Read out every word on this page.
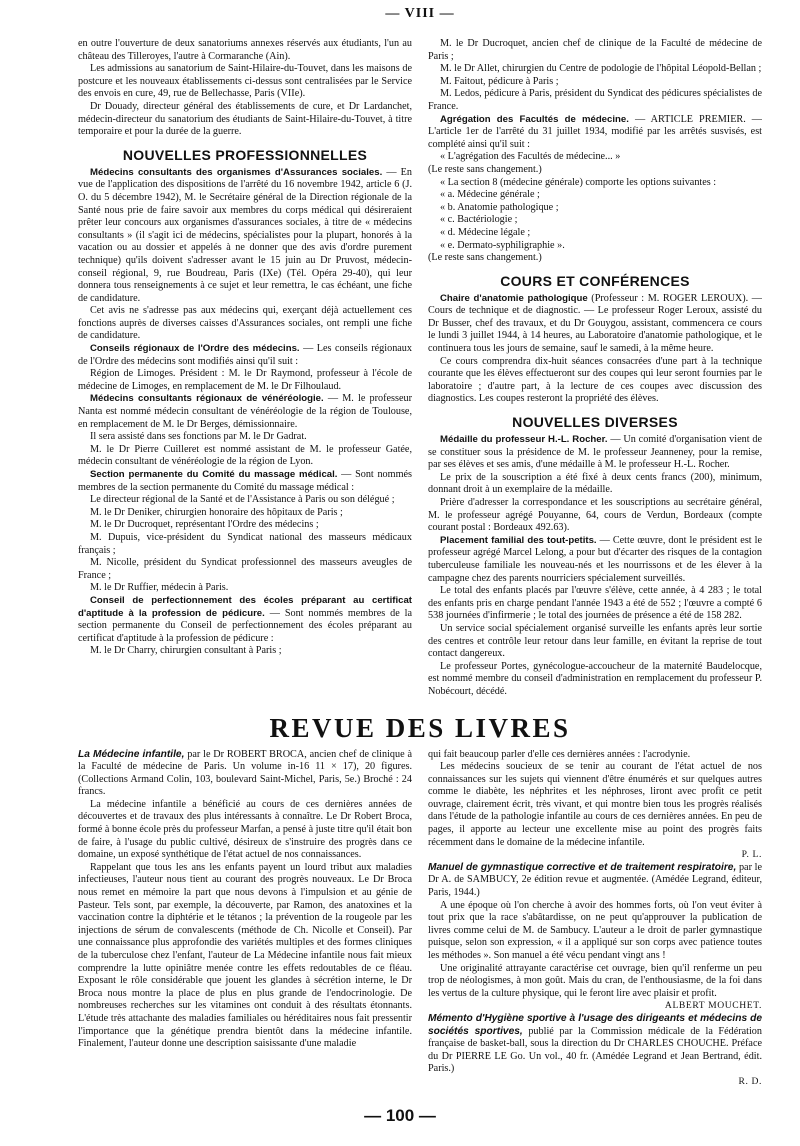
— VIII —

en outre l'ouverture de deux sanatoriums annexes réservés aux étudiants, l'un au château des Tilleroyes, l'autre à Cormaranche (Ain).

Les admissions au sanatorium de Saint-Hilaire-du-Touvet, dans les maisons de postcure et les nouveaux établissements ci-dessus sont centralisées par le Service des envois en cure, 49, rue de Bellechasse, Paris (VIIe).

Dr Douady, directeur général des établissements de cure, et Dr Lardanchet, médecin-directeur du sanatorium des étudiants de Saint-Hilaire-du-Touvet, à titre temporaire et pour la durée de la guerre.

NOUVELLES PROFESSIONNELLES

Médecins consultants des organismes d'Assurances sociales. — En vue de l'application des dispositions de l'arrêté du 16 novembre 1942, article 6 (J. O. du 5 décembre 1942), M. le Secrétaire général de la Direction régionale de la Santé nous prie de faire savoir aux membres du corps médical qui désireraient prêter leur concours aux organismes d'assurances sociales, à titre de « médecins consultants » (il s'agit ici de médecins, spécialistes pour la plupart, honorés à la vacation ou au dossier et appelés à ne donner que des avis d'ordre purement technique) qu'ils doivent s'adresser avant le 15 juin au Dr Pruvost, médecin-conseil régional, 9, rue Boudreau, Paris (IXe) (Tél. Opéra 29-40), qui leur donnera tous renseignements à ce sujet et leur remettra, le cas échéant, une fiche de candidature.

Cet avis ne s'adresse pas aux médecins qui, exerçant déjà actuellement ces fonctions auprès de diverses caisses d'Assurances sociales, ont rempli une fiche de candidature.

Conseils régionaux de l'Ordre des médecins. — Les conseils régionaux de l'Ordre des médecins sont modifiés ainsi qu'il suit :

Région de Limoges. Président : M. le Dr Raymond, professeur à l'école de médecine de Limoges, en remplacement de M. le Dr Filhoulaud.

Médecins consultants régionaux de vénéréologie. — M. le professeur Nanta est nommé médecin consultant de vénéréologie de la région de Toulouse, en remplacement de M. le Dr Berges, démissionnaire.

Il sera assisté dans ses fonctions par M. le Dr Gadrat.

M. le Dr Pierre Cuilleret est nommé assistant de M. le professeur Gatée, médecin consultant de vénéréologie de la région de Lyon.

Section permanente du Comité du massage médical. — Sont nommés membres de la section permanente du Comité du massage médical :

Le directeur régional de la Santé et de l'Assistance à Paris ou son délégué ;

M. le Dr Deniker, chirurgien honoraire des hôpitaux de Paris ;

M. le Dr Ducroquet, représentant l'Ordre des médecins ;

M. Dupuis, vice-président du Syndicat national des masseurs médicaux français ;

M. Nicolle, président du Syndicat professionnel des masseurs aveugles de France ;

M. le Dr Ruffier, médecin à Paris.

Conseil de perfectionnement des écoles préparant au certificat d'aptitude à la profession de pédicure. — Sont nommés membres de la section permanente du Conseil de perfectionnement des écoles préparant au certificat d'aptitude à la profession de pédicure :

M. le Dr Charry, chirurgien consultant à Paris ;

M. le Dr Ducroquet, ancien chef de clinique de la Faculté de médecine de Paris ;

M. le Dr Allet, chirurgien du Centre de podologie de l'hôpital Léopold-Bellan ;

M. Faitout, pédicure à Paris ;

M. Ledos, pédicure à Paris, président du Syndicat des pédicures spécialistes de France.

Agrégation des Facultés de médecine. — ARTICLE PREMIER. — L'article 1er de l'arrêté du 31 juillet 1934, modifié par les arrêtés susvisés, est complété ainsi qu'il suit :

« L'agrégation des Facultés de médecine... »

(Le reste sans changement.)

« La section 8 (médecine générale) comporte les options suivantes :

« a. Médecine générale ;

« b. Anatomie pathologique ;

« c. Bactériologie ;

« d. Médecine légale ;

« e. Dermato-syphiligraphie ».

(Le reste sans changement.)

COURS ET CONFÉRENCES

Chaire d'anatomie pathologique (Professeur : M. ROGER LEROUX). — Cours de technique et de diagnostic. — Le professeur Roger Leroux, assisté du Dr Busser, chef des travaux, et du Dr Gouygou, assistant, commencera ce cours le lundi 3 juillet 1944, à 14 heures, au Laboratoire d'anatomie pathologique, et le continuera tous les jours de semaine, sauf le samedi, à la même heure.

Ce cours comprendra dix-huit séances consacrées d'une part à la technique courante que les élèves effectueront sur des coupes qui leur seront fournies par le laboratoire ; d'autre part, à la lecture de ces coupes avec discussion des diagnostics. Les coupes resteront la propriété des élèves.

NOUVELLES DIVERSES

Médaille du professeur H.-L. Rocher. — Un comité d'organisation vient de se constituer sous la présidence de M. le professeur Jeanneney, pour la remise, par ses élèves et ses amis, d'une médaille à M. le professeur H.-L. Rocher.

Le prix de la souscription a été fixé à deux cents francs (200), minimum, donnant droit à un exemplaire de la médaille.

Prière d'adresser la correspondance et les souscriptions au secrétaire général, M. le professeur agrégé Pouyanne, 64, cours de Verdun, Bordeaux (compte courant postal : Bordeaux 492.63).

Placement familial des tout-petits. — Cette œuvre, dont le président est le professeur agrégé Marcel Lelong, a pour but d'écarter des risques de la contagion tuberculeuse familiale les nouveau-nés et les nourrissons et de les élever à la campagne chez des parents nourriciers spécialement surveillés.

Le total des enfants placés par l'œuvre s'élève, cette année, à 4 283 ; le total des enfants pris en charge pendant l'année 1943 a été de 552 ; l'œuvre a compté 6 538 journées d'infirmerie ; le total des journées de présence a été de 158 282.

Un service social spécialement organisé surveille les enfants après leur sortie des centres et contrôle leur retour dans leur famille, en évitant la reprise de tout contact dangereux.

Le professeur Portes, gynécologue-accoucheur de la maternité Baudelocque, est nommé membre du conseil d'administration en remplacement du professeur P. Nobécourt, décédé.

REVUE DES LIVRES

La Médecine infantile, par le Dr ROBERT BROCA, ancien chef de clinique à la Faculté de médecine de Paris. Un volume in-16 11 × 17), 20 figures. (Collections Armand Colin, 103, boulevard Saint-Michel, Paris, 5e.) Broché : 24 francs.

La médecine infantile a bénéficié au cours de ces dernières années de découvertes et de travaux des plus intéressants à connaître. Le Dr Robert Broca, formé à bonne école près du professeur Marfan, a pensé à juste titre qu'il était bon de faire, à l'usage du public cultivé, désireux de s'instruire des progrès dans ce domaine, un exposé synthétique de l'état actuel de nos connaissances.

Rappelant que tous les ans les enfants payent un lourd tribut aux maladies infectieuses, l'auteur nous tient au courant des progrès nouveaux. Le Dr Broca nous remet en mémoire la part que nous devons à l'impulsion et au génie de Pasteur. Tels sont, par exemple, la découverte, par Ramon, des anatoxines et la vaccination contre la diphtérie et le tétanos ; la prévention de la rougeole par les injections de sérum de convalescents (méthode de Ch. Nicolle et Conseil). Par une connaissance plus approfondie des variétés multiples et des formes cliniques de la tuberculose chez l'enfant, l'auteur de La Médecine infantile nous fait mieux comprendre la lutte opiniâtre menée contre les effets redoutables de ce fléau. Exposant le rôle considérable que jouent les glandes à sécrétion interne, le Dr Broca nous montre la place de plus en plus grande de l'endocrinologie. De nombreuses recherches sur les vitamines ont conduit à des résultats étonnants. L'étude très attachante des maladies familiales ou héréditaires nous fait pressentir l'importance que la génétique prendra bientôt dans la médecine infantile. Finalement, l'auteur donne une description saisissante d'une maladie

qui fait beaucoup parler d'elle ces dernières années : l'acrodynie.

Les médecins soucieux de se tenir au courant de l'état actuel de nos connaissances sur les sujets qui viennent d'être énumérés et sur quelques autres comme le diabète, les néphrites et les néphroses, liront avec profit ce petit ouvrage, clairement écrit, très vivant, et qui montre bien tous les progrès réalisés dans l'étude de la pathologie infantile au cours de ces dernières années. En peu de pages, il apporte au lecteur une excellente mise au point des progrès faits récemment dans le domaine de la médecine infantile.

P. L.

Manuel de gymnastique corrective et de traitement respiratoire, par le Dr A. de SAMBUCY, 2e édition revue et augmentée. (Amédée Legrand, éditeur, Paris, 1944.)

A une époque où l'on cherche à avoir des hommes forts, où l'on veut éviter à tout prix que la race s'abâtardisse, on ne peut qu'approuver la publication de livres comme celui de M. de Sambucy. L'auteur a le droit de parler gymnastique puisque, selon son expression, « il a appliqué sur son corps avec patience toutes les méthodes ». Son manuel a été vécu pendant vingt ans !

Une originalité attrayante caractérise cet ouvrage, bien qu'il renferme un peu trop de néologismes, à mon goût. Mais du cran, de l'enthousiasme, de la foi dans les vertus de la culture physique, qui le feront lire avec plaisir et profit.

ALBERT MOUCHET.

Mémento d'Hygiène sportive à l'usage des dirigeants et médecins de sociétés sportives, publié par la Commission médicale de la Fédération française de basket-ball, sous la direction du Dr CHARLES CHOUCHE. Préface du Dr PIERRE LE Go. Un vol., 40 fr. (Amédée Legrand et Jean Bertrand, édit. Paris.)

R. D.
— 100 —
